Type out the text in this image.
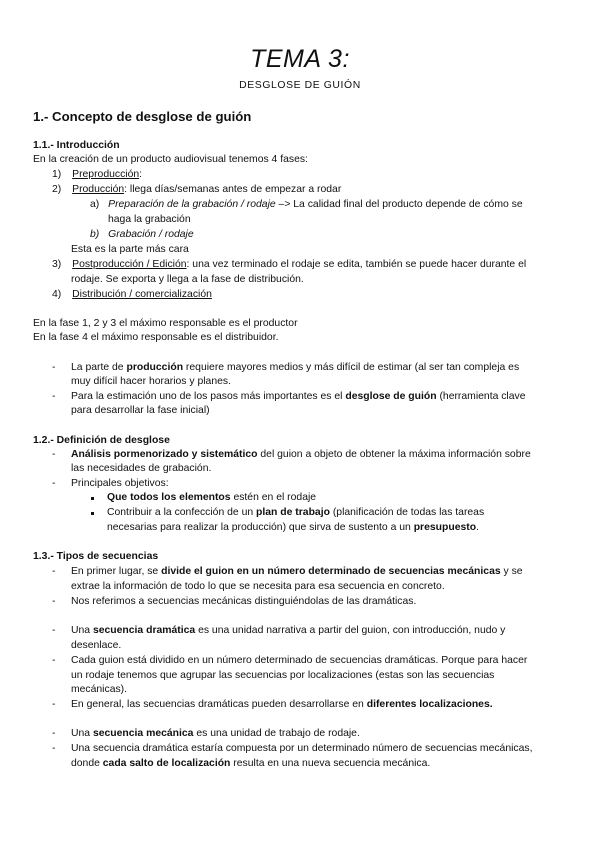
TEMA 3:
DESGLOSE DE GUIÓN
1.- Concepto de desglose de guión
1.1.- Introducción
En la creación de un producto audiovisual tenemos 4 fases:
1) Preproducción:
2) Producción: llega días/semanas antes de empezar a rodar
a) Preparación de la grabación / rodaje –> La calidad final del producto depende de cómo se
haga la grabación
b) Grabación / rodaje
Esta es la parte más cara
3) Postproducción / Edición: una vez terminado el rodaje se edita, también se puede hacer durante el
rodaje. Se exporta y llega a la fase de distribución.
4) Distribución / comercialización
En la fase 1, 2 y 3 el máximo responsable es el productor
En la fase 4 el máximo responsable es el distribuidor.
- La parte de producción requiere mayores medios y más difícil de estimar (al ser tan compleja es
muy difícil hacer horarios y planes.
- Para la estimación uno de los pasos más importantes es el desglose de guión (herramienta clave
para desarrollar la fase inicial)
1.2.- Definición de desglose
- Análisis pormenorizado y sistemático del guion a objeto de obtener la máxima información sobre
las necesidades de grabación.
- Principales objetivos:
Que todos los elementos estén en el rodaje
Contribuir a la confección de un plan de trabajo (planificación de todas las tareas
necesarias para realizar la producción) que sirva de sustento a un presupuesto.
1.3.- Tipos de secuencias
- En primer lugar, se divide el guion en un número determinado de secuencias mecánicas y se
extrae la información de todo lo que se necesita para esa secuencia en concreto.
- Nos referimos a secuencias mecánicas distinguiéndolas de las dramáticas.
- Una secuencia dramática es una unidad narrativa a partir del guion, con introducción, nudo y
desenlace.
- Cada guion está dividido en un número determinado de secuencias dramáticas. Porque para hacer
un rodaje tenemos que agrupar las secuencias por localizaciones (estas son las secuencias
mecánicas).
- En general, las secuencias dramáticas pueden desarrollarse en diferentes localizaciones.
- Una secuencia mecánica es una unidad de trabajo de rodaje.
- Una secuencia dramática estaría compuesta por un determinado número de secuencias mecánicas,
donde cada salto de localización resulta en una nueva secuencia mecánica.
